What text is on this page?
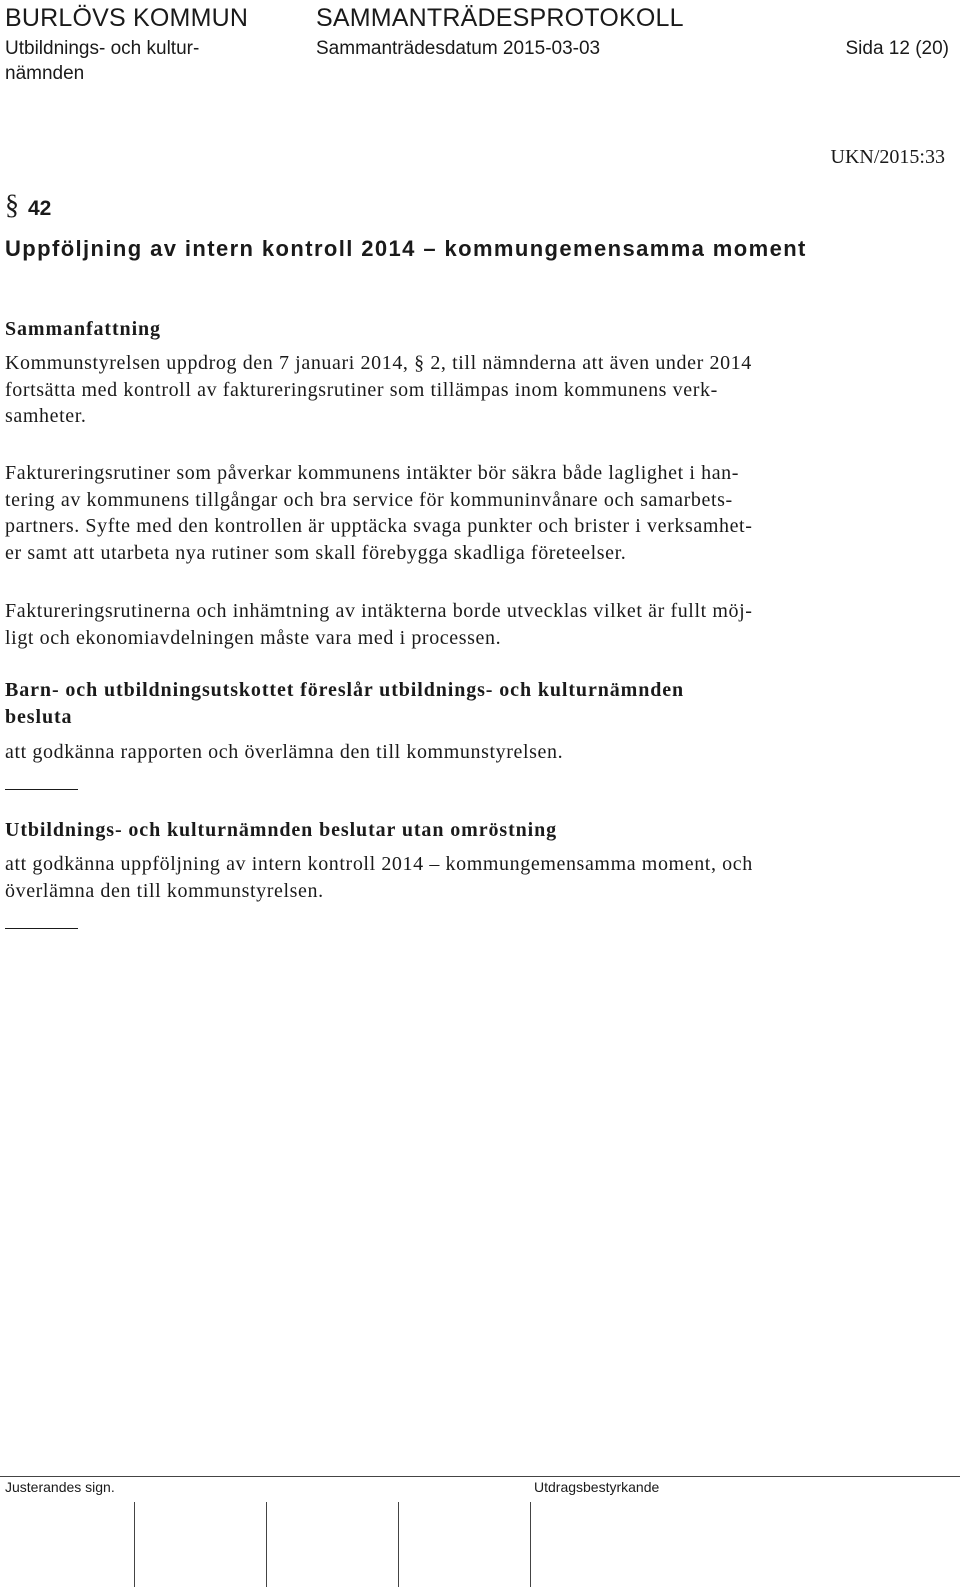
BURLÖVS KOMMUN	SAMMANTRÄDESPROTOKOLL
Utbildnings- och kultur-
nämnden
Sammanträdesdatum 2015-03-03	Sida 12 (20)
UKN/2015:33
§ 42
Uppföljning av intern kontroll 2014 – kommungemensamma moment
Sammanfattning
Kommunstyrelsen uppdrog den 7 januari 2014, § 2, till nämnderna att även under 2014
fortsätta med kontroll av faktureringsrutiner som tillämpas inom kommunens verk-
samheter.
Faktureringsrutiner som påverkar kommunens intäkter bör säkra både laglighet i han-
tering av kommunens tillgångar och bra service för kommuninvånare och samarbets-
partners. Syfte med den kontrollen är upptäcka svaga punkter och brister i verksamhet-
er samt att utarbeta nya rutiner som skall förebygga skadliga företeelser.
Faktureringsrutinerna och inhämtning av intäkterna borde utvecklas vilket är fullt möj-
ligt och ekonomiavdelningen måste vara med i processen.
Barn- och utbildningsutskottet föreslår utbildnings- och kulturnämnden
besluta
att godkänna rapporten och överlämna den till kommunstyrelsen.
Utbildnings- och kulturnämnden beslutar utan omröstning
att godkänna uppföljning av intern kontroll 2014 – kommungemensamma moment, och
överlämna den till kommunstyrelsen.
Justerandes sign.	Utdragsbestyrkande
